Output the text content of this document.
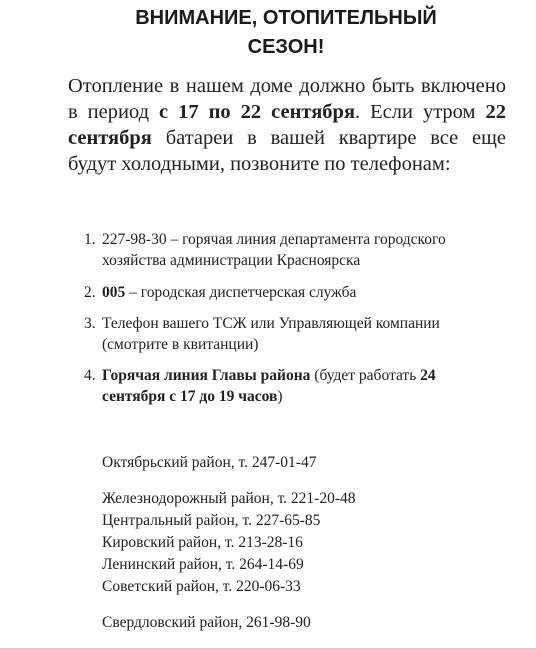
ВНИМАНИЕ, ОТОПИТЕЛЬНЫЙ
СЕЗОН!

Отопление в нашем доме должно быть включено в период с 17 по 22 сентября. Если утром 22 сентября батареи в вашей квартире все еще будут холодными, позвоните по телефонам:

1. 227-98-30 – горячая линия департамента городского хозяйства администрации Красноярска
2. 005 – городская диспетчерская служба
3. Телефон вашего ТСЖ или Управляющей компании (смотрите в квитанции)
4. Горячая линия Главы района (будет работать 24 сентября с 17 до 19 часов)
Октябрьский район, т. 247-01-47
Железнодорожный район, т. 221-20-48
Центральный район, т. 227-65-85
Кировский район, т. 213-28-16
Ленинский район, т. 264-14-69
Советский район, т. 220-06-33
Свердловский район, 261-98-90
